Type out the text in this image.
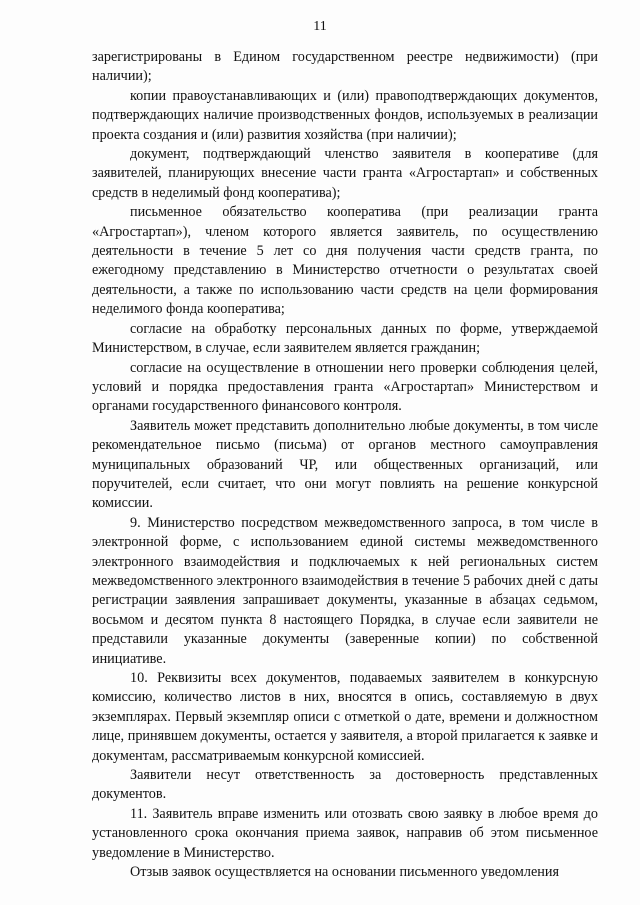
11

зарегистрированы в Едином государственном реестре недвижимости) (при наличии);

копии правоустанавливающих и (или) правоподтверждающих документов, подтверждающих наличие производственных фондов, используемых в реализации проекта создания и (или) развития хозяйства (при наличии);

документ, подтверждающий членство заявителя в кооперативе (для заявителей, планирующих внесение части гранта «Агростартап» и собственных средств в неделимый фонд кооператива);

письменное обязательство кооператива (при реализации гранта «Агростартап»), членом которого является заявитель, по осуществлению деятельности в течение 5 лет со дня получения части средств гранта, по ежегодному представлению в Министерство отчетности о результатах своей деятельности, а также по использованию части средств на цели формирования неделимого фонда кооператива;

согласие на обработку персональных данных по форме, утверждаемой Министерством, в случае, если заявителем является гражданин;

согласие на осуществление в отношении него проверки соблюдения целей, условий и порядка предоставления гранта «Агростартап» Министерством и органами государственного финансового контроля.

Заявитель может представить дополнительно любые документы, в том числе рекомендательное письмо (письма) от органов местного самоуправления муниципальных образований ЧР, или общественных организаций, или поручителей, если считает, что они могут повлиять на решение конкурсной комиссии.

9. Министерство посредством межведомственного запроса, в том числе в электронной форме, с использованием единой системы межведомственного электронного взаимодействия и подключаемых к ней региональных систем межведомственного электронного взаимодействия в течение 5 рабочих дней с даты регистрации заявления запрашивает документы, указанные в абзацах седьмом, восьмом и десятом пункта 8 настоящего Порядка, в случае если заявители не представили указанные документы (заверенные копии) по собственной инициативе.

10. Реквизиты всех документов, подаваемых заявителем в конкурсную комиссию, количество листов в них, вносятся в опись, составляемую в двух экземплярах. Первый экземпляр описи с отметкой о дате, времени и должностном лице, принявшем документы, остается у заявителя, а второй прилагается к заявке и документам, рассматриваемым конкурсной комиссией.

Заявители несут ответственность за достоверность представленных документов.

11. Заявитель вправе изменить или отозвать свою заявку в любое время до установленного срока окончания приема заявок, направив об этом письменное уведомление в Министерство.

Отзыв заявок осуществляется на основании письменного уведомления
